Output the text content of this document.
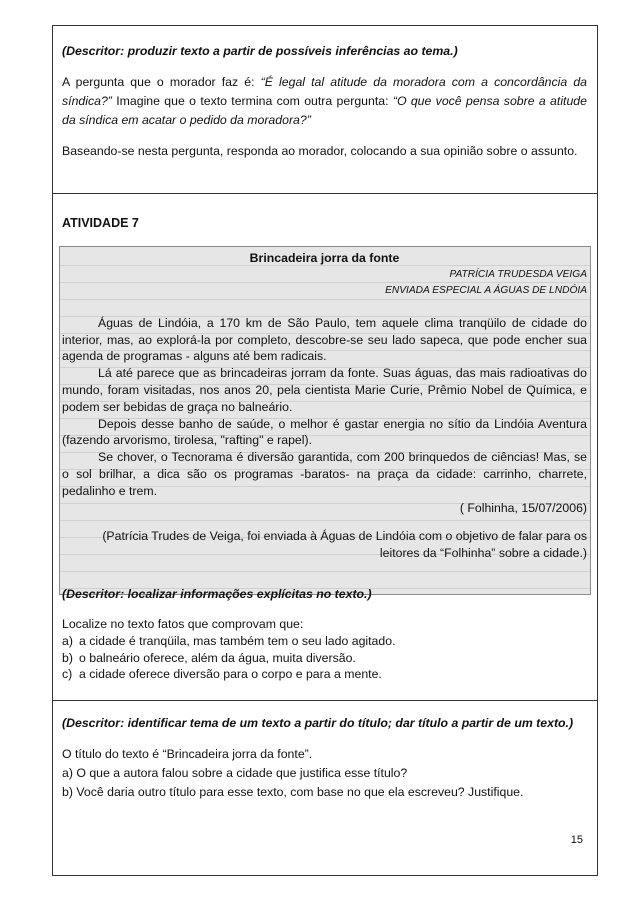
(Descritor: produzir texto a partir de possíveis inferências ao tema.)

A pergunta que o morador faz é: “É legal tal atitude da moradora com a concordância da síndica?” Imagine que o texto termina com outra pergunta: “O que você pensa sobre a atitude da síndica em acatar o pedido da moradora?”

Baseando-se nesta pergunta, responda ao morador, colocando a sua opinião sobre o assunto.

ATIVIDADE 7
Brincadeira jorra da fonte
PATRÍCIA TRUDESDA VEIGA
ENVIADA ESPECIAL A ÁGUAS DE LNDÓIA

Águas de Lindóia, a 170 km de São Paulo, tem aquele clima tranqüilo de cidade do interior, mas, ao explorá-la por completo, descobre-se seu lado sapeca, que pode encher sua agenda de programas - alguns até bem radicais.

Lá até parece que as brincadeiras jorram da fonte. Suas águas, das mais radioativas do mundo, foram visitadas, nos anos 20, pela cientista Marie Curie, Prêmio Nobel de Química, e podem ser bebidas de graça no balneário.

Depois desse banho de saúde, o melhor é gastar energia no sítio da Lindóia Aventura (fazendo arvorismo, tirolesa, "rafting" e rapel).

Se chover, o Tecnorama é diversão garantida, com 200 brinquedos de ciências! Mas, se o sol brilhar, a dica são os programas -baratos- na praça da cidade: carrinho, charrete, pedalinho e trem.

( Folhinha, 15/07/2006)

(Patrícia Trudes de Veiga, foi enviada à Águas de Lindóia com o objetivo de falar para os leitores da “Folhinha” sobre a cidade.)

(Descritor: localizar informações explícitas no texto.)

Localize no texto fatos que comprovam que:

a) a cidade é tranqüila, mas também tem o seu lado agitado.
b) o balneário oferece, além da água, muita diversão.
c) a cidade oferece diversão para o corpo e para a mente.

(Descritor: identificar tema de um texto a partir do título; dar título a partir de um texto.)

O título do texto é “Brincadeira jorra da fonte”.

a) O que a autora falou sobre a cidade que justifica esse título?

b) Você daria outro título para esse texto, com base no que ela escreveu? Justifique.

15
